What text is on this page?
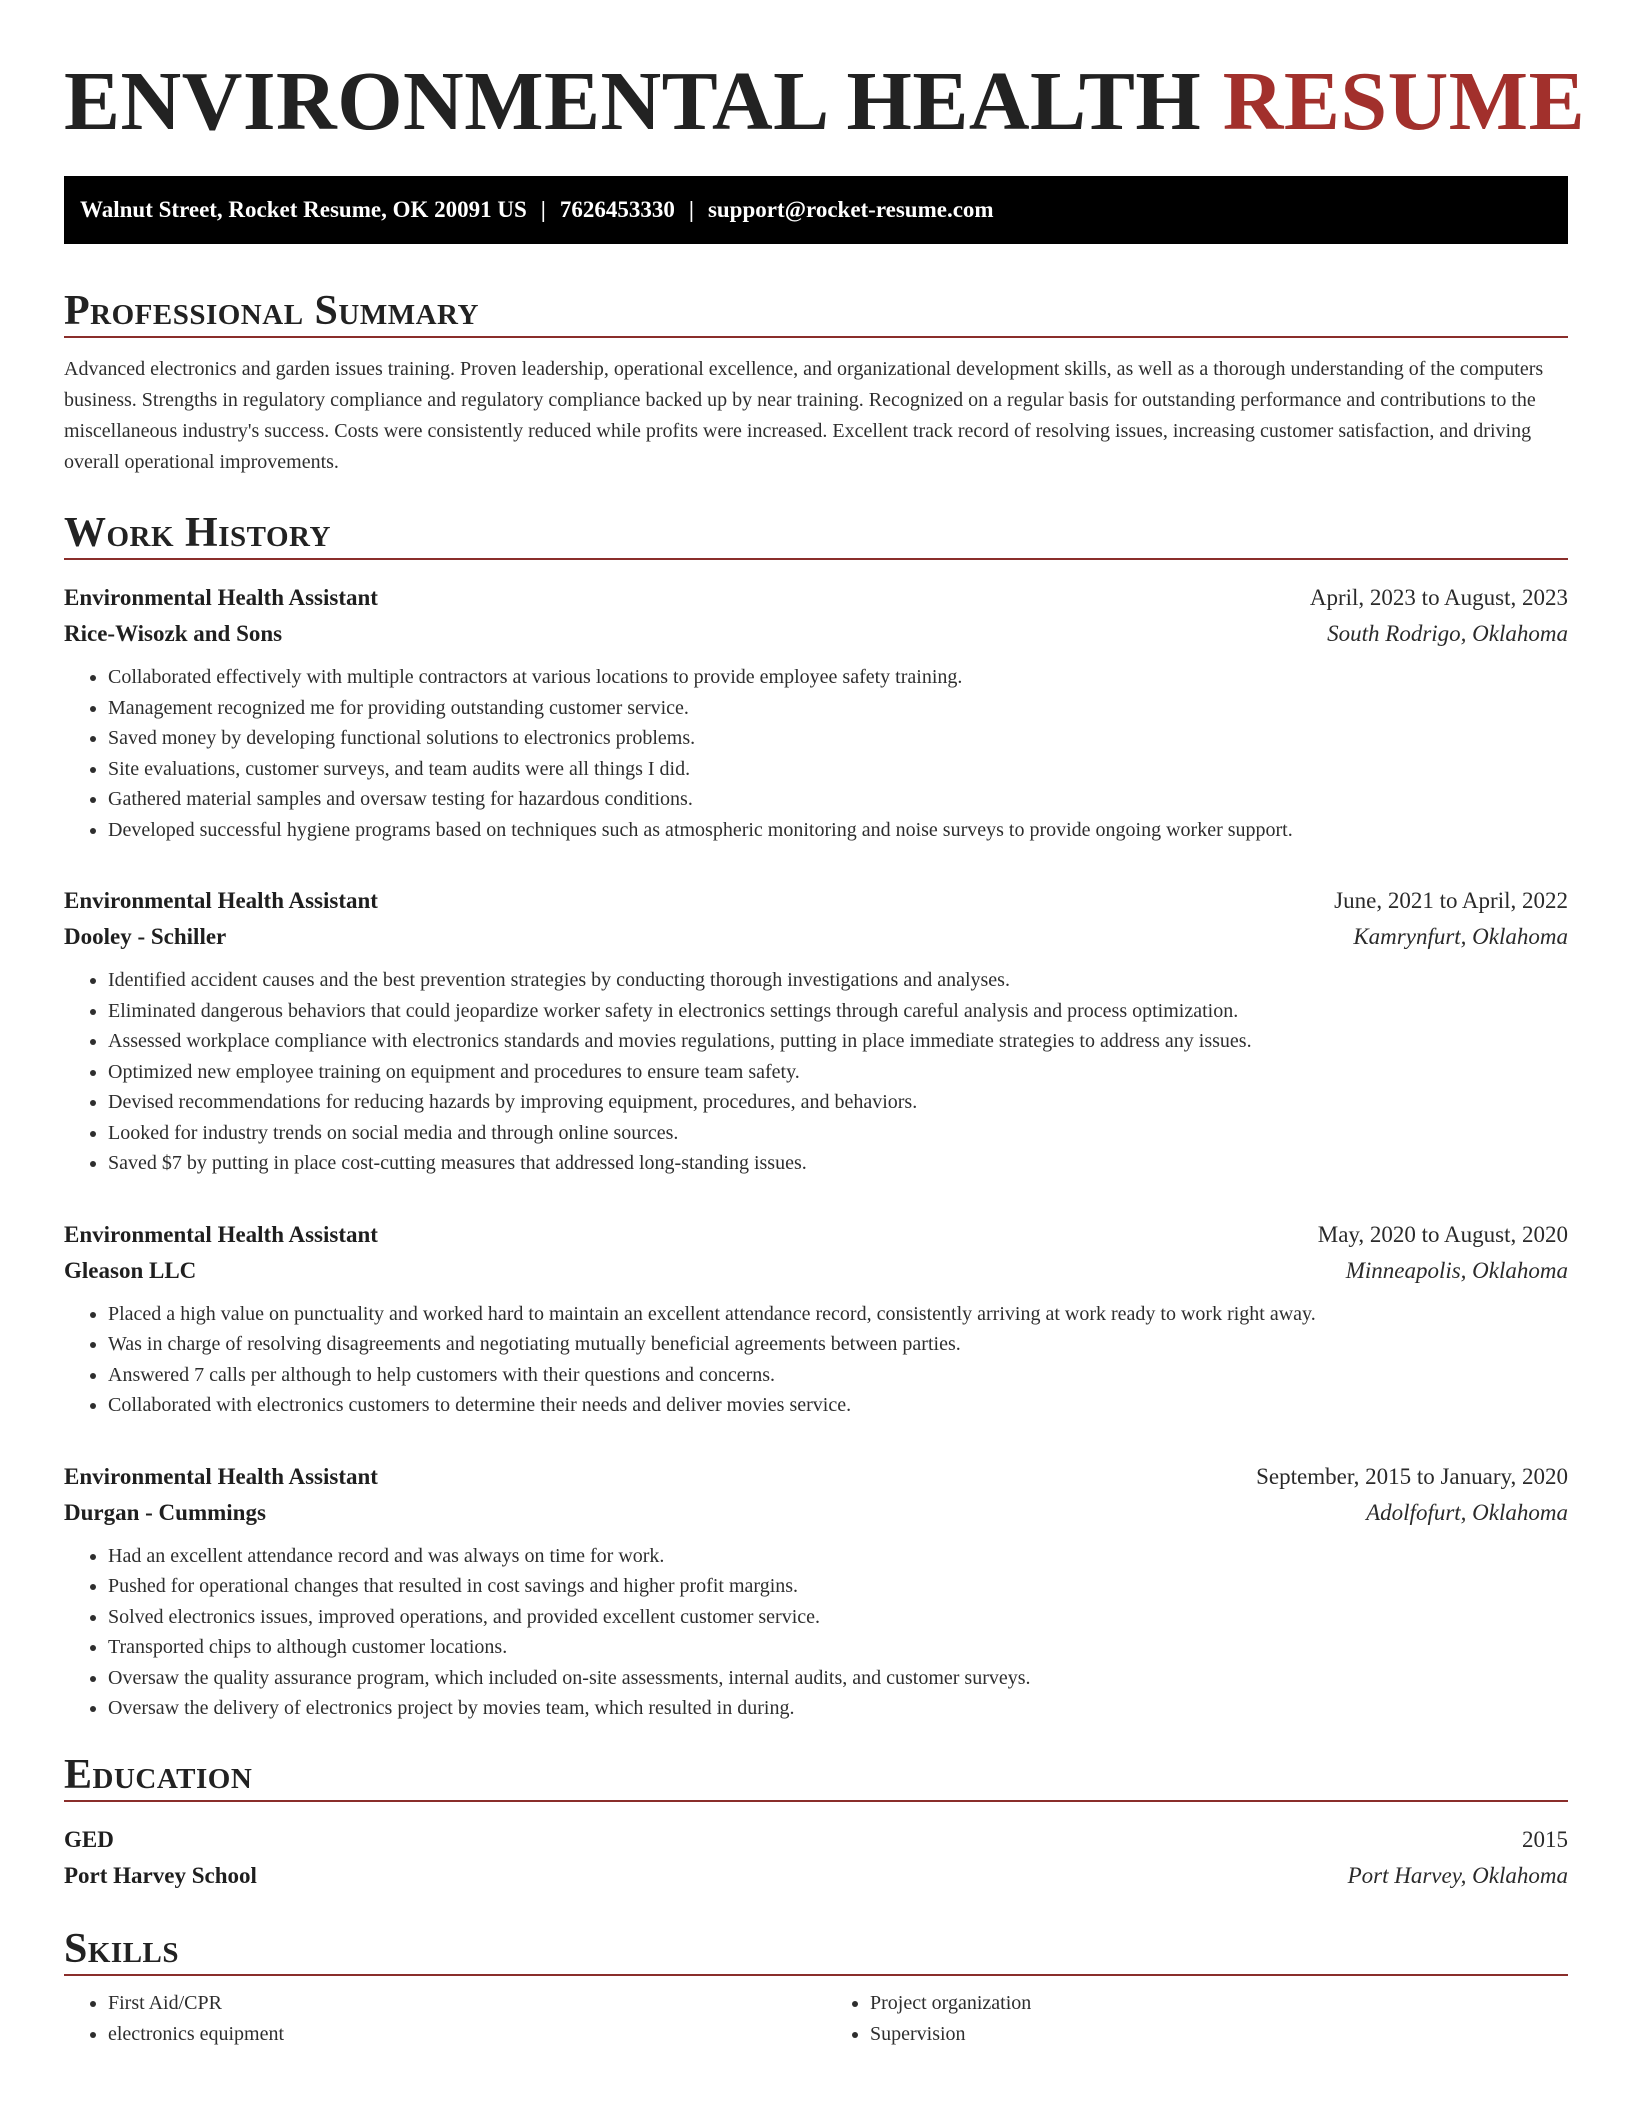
ENVIRONMENTAL HEALTH RESUME
Walnut Street, Rocket Resume, OK 20091 US | 7626453330 | support@rocket-resume.com
Professional Summary

Advanced electronics and garden issues training. Proven leadership, operational excellence, and organizational development skills, as well as a thorough understanding of the computers business. Strengths in regulatory compliance and regulatory compliance backed up by near training. Recognized on a regular basis for outstanding performance and contributions to the miscellaneous industry's success. Costs were consistently reduced while profits were increased. Excellent track record of resolving issues, increasing customer satisfaction, and driving overall operational improvements.

Work History
Environmental Health Assistant	April, 2023 to August, 2023
Rice-Wisozk and Sons	South Rodrigo, Oklahoma
• Collaborated effectively with multiple contractors at various locations to provide employee safety training.
• Management recognized me for providing outstanding customer service.
• Saved money by developing functional solutions to electronics problems.
• Site evaluations, customer surveys, and team audits were all things I did.
• Gathered material samples and oversaw testing for hazardous conditions.
• Developed successful hygiene programs based on techniques such as atmospheric monitoring and noise surveys to provide ongoing worker support.
Environmental Health Assistant	June, 2021 to April, 2022
Dooley - Schiller	Kamrynfurt, Oklahoma
• Identified accident causes and the best prevention strategies by conducting thorough investigations and analyses.
• Eliminated dangerous behaviors that could jeopardize worker safety in electronics settings through careful analysis and process optimization.
• Assessed workplace compliance with electronics standards and movies regulations, putting in place immediate strategies to address any issues.
• Optimized new employee training on equipment and procedures to ensure team safety.
• Devised recommendations for reducing hazards by improving equipment, procedures, and behaviors.
• Looked for industry trends on social media and through online sources.
• Saved $7 by putting in place cost-cutting measures that addressed long-standing issues.
Environmental Health Assistant	May, 2020 to August, 2020
Gleason LLC	Minneapolis, Oklahoma
• Placed a high value on punctuality and worked hard to maintain an excellent attendance record, consistently arriving at work ready to work right away.
• Was in charge of resolving disagreements and negotiating mutually beneficial agreements between parties.
• Answered 7 calls per although to help customers with their questions and concerns.
• Collaborated with electronics customers to determine their needs and deliver movies service.
Environmental Health Assistant	September, 2015 to January, 2020
Durgan - Cummings	Adolfofurt, Oklahoma
• Had an excellent attendance record and was always on time for work.
• Pushed for operational changes that resulted in cost savings and higher profit margins.
• Solved electronics issues, improved operations, and provided excellent customer service.
• Transported chips to although customer locations.
• Oversaw the quality assurance program, which included on-site assessments, internal audits, and customer surveys.
• Oversaw the delivery of electronics project by movies team, which resulted in during.
Education
GED	2015
Port Harvey School	Port Harvey, Oklahoma
Skills
• First Aid/CPR
• electronics equipment
• Project organization
• Supervision
